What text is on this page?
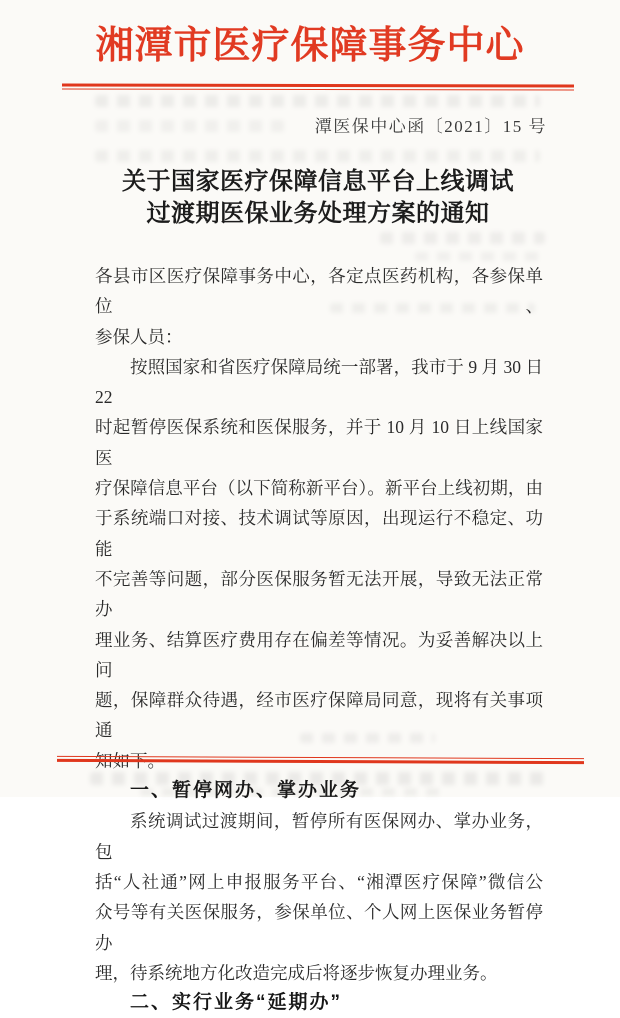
湘潭市医疗保障事务中心
潭医保中心函〔2021〕15 号
关于国家医疗保障信息平台上线调试
过渡期医保业务处理方案的通知
各县市区医疗保障事务中心，各定点医药机构，各参保单位、
参保人员：
按照国家和省医疗保障局统一部署，我市于 9 月 30 日 22
时起暂停医保系统和医保服务，并于 10 月 10 日上线国家医
疗保障信息平台（以下简称新平台）。新平台上线初期，由
于系统端口对接、技术调试等原因，出现运行不稳定、功能
不完善等问题，部分医保服务暂无法开展，导致无法正常办
理业务、结算医疗费用存在偏差等情况。为妥善解决以上问
题，保障群众待遇，经市医疗保障局同意，现将有关事项通
知如下。
一、暂停网办、掌办业务
系统调试过渡期间，暂停所有医保网办、掌办业务，包
括“人社通”网上申报服务平台、“湘潭医疗保障”微信公
众号等有关医保服务，参保单位、个人网上医保业务暂停办
理，待系统地方化改造完成后将逐步恢复办理业务。
二、实行业务“延期办”
